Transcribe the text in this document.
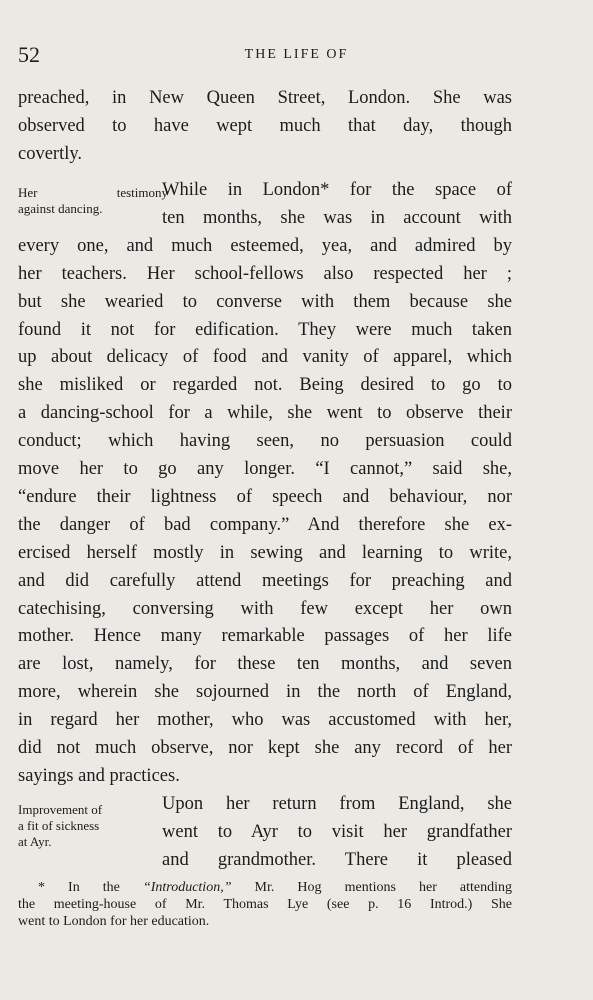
52	THE LIFE OF
preached, in New Queen Street, London. She was
observed to have wept much that day, though
covertly.
Her testimony
against dancing.
While in London* for the space of
ten months, she was in account with
every one, and much esteemed, yea, and admired by
her teachers. Her school-fellows also respected her ;
but she wearied to converse with them because she
found it not for edification. They were much taken
up about delicacy of food and vanity of apparel, which
she misliked or regarded not. Being desired to go to
a dancing-school for a while, she went to observe their
conduct; which having seen, no persuasion could
move her to go any longer. “I cannot,” said she,
“endure their lightness of speech and behaviour, nor
the danger of bad company.” And therefore she ex-
ercised herself mostly in sewing and learning to write,
and did carefully attend meetings for preaching and
catechising, conversing with few except her own
mother. Hence many remarkable passages of her life
are lost, namely, for these ten months, and seven
more, wherein she sojourned in the north of England,
in regard her mother, who was accustomed with her,
did not much observe, nor kept she any record of her
sayings and practices.
Improvement of
a fit of sickness
at Ayr.
Upon her return from England, she
went to Ayr to visit her grandfather
and grandmother. There it pleased
* In the “Introduction,” Mr. Hog mentions her attending
the meeting-house of Mr. Thomas Lye (see p. 16 Introd.) She
went to London for her education.
